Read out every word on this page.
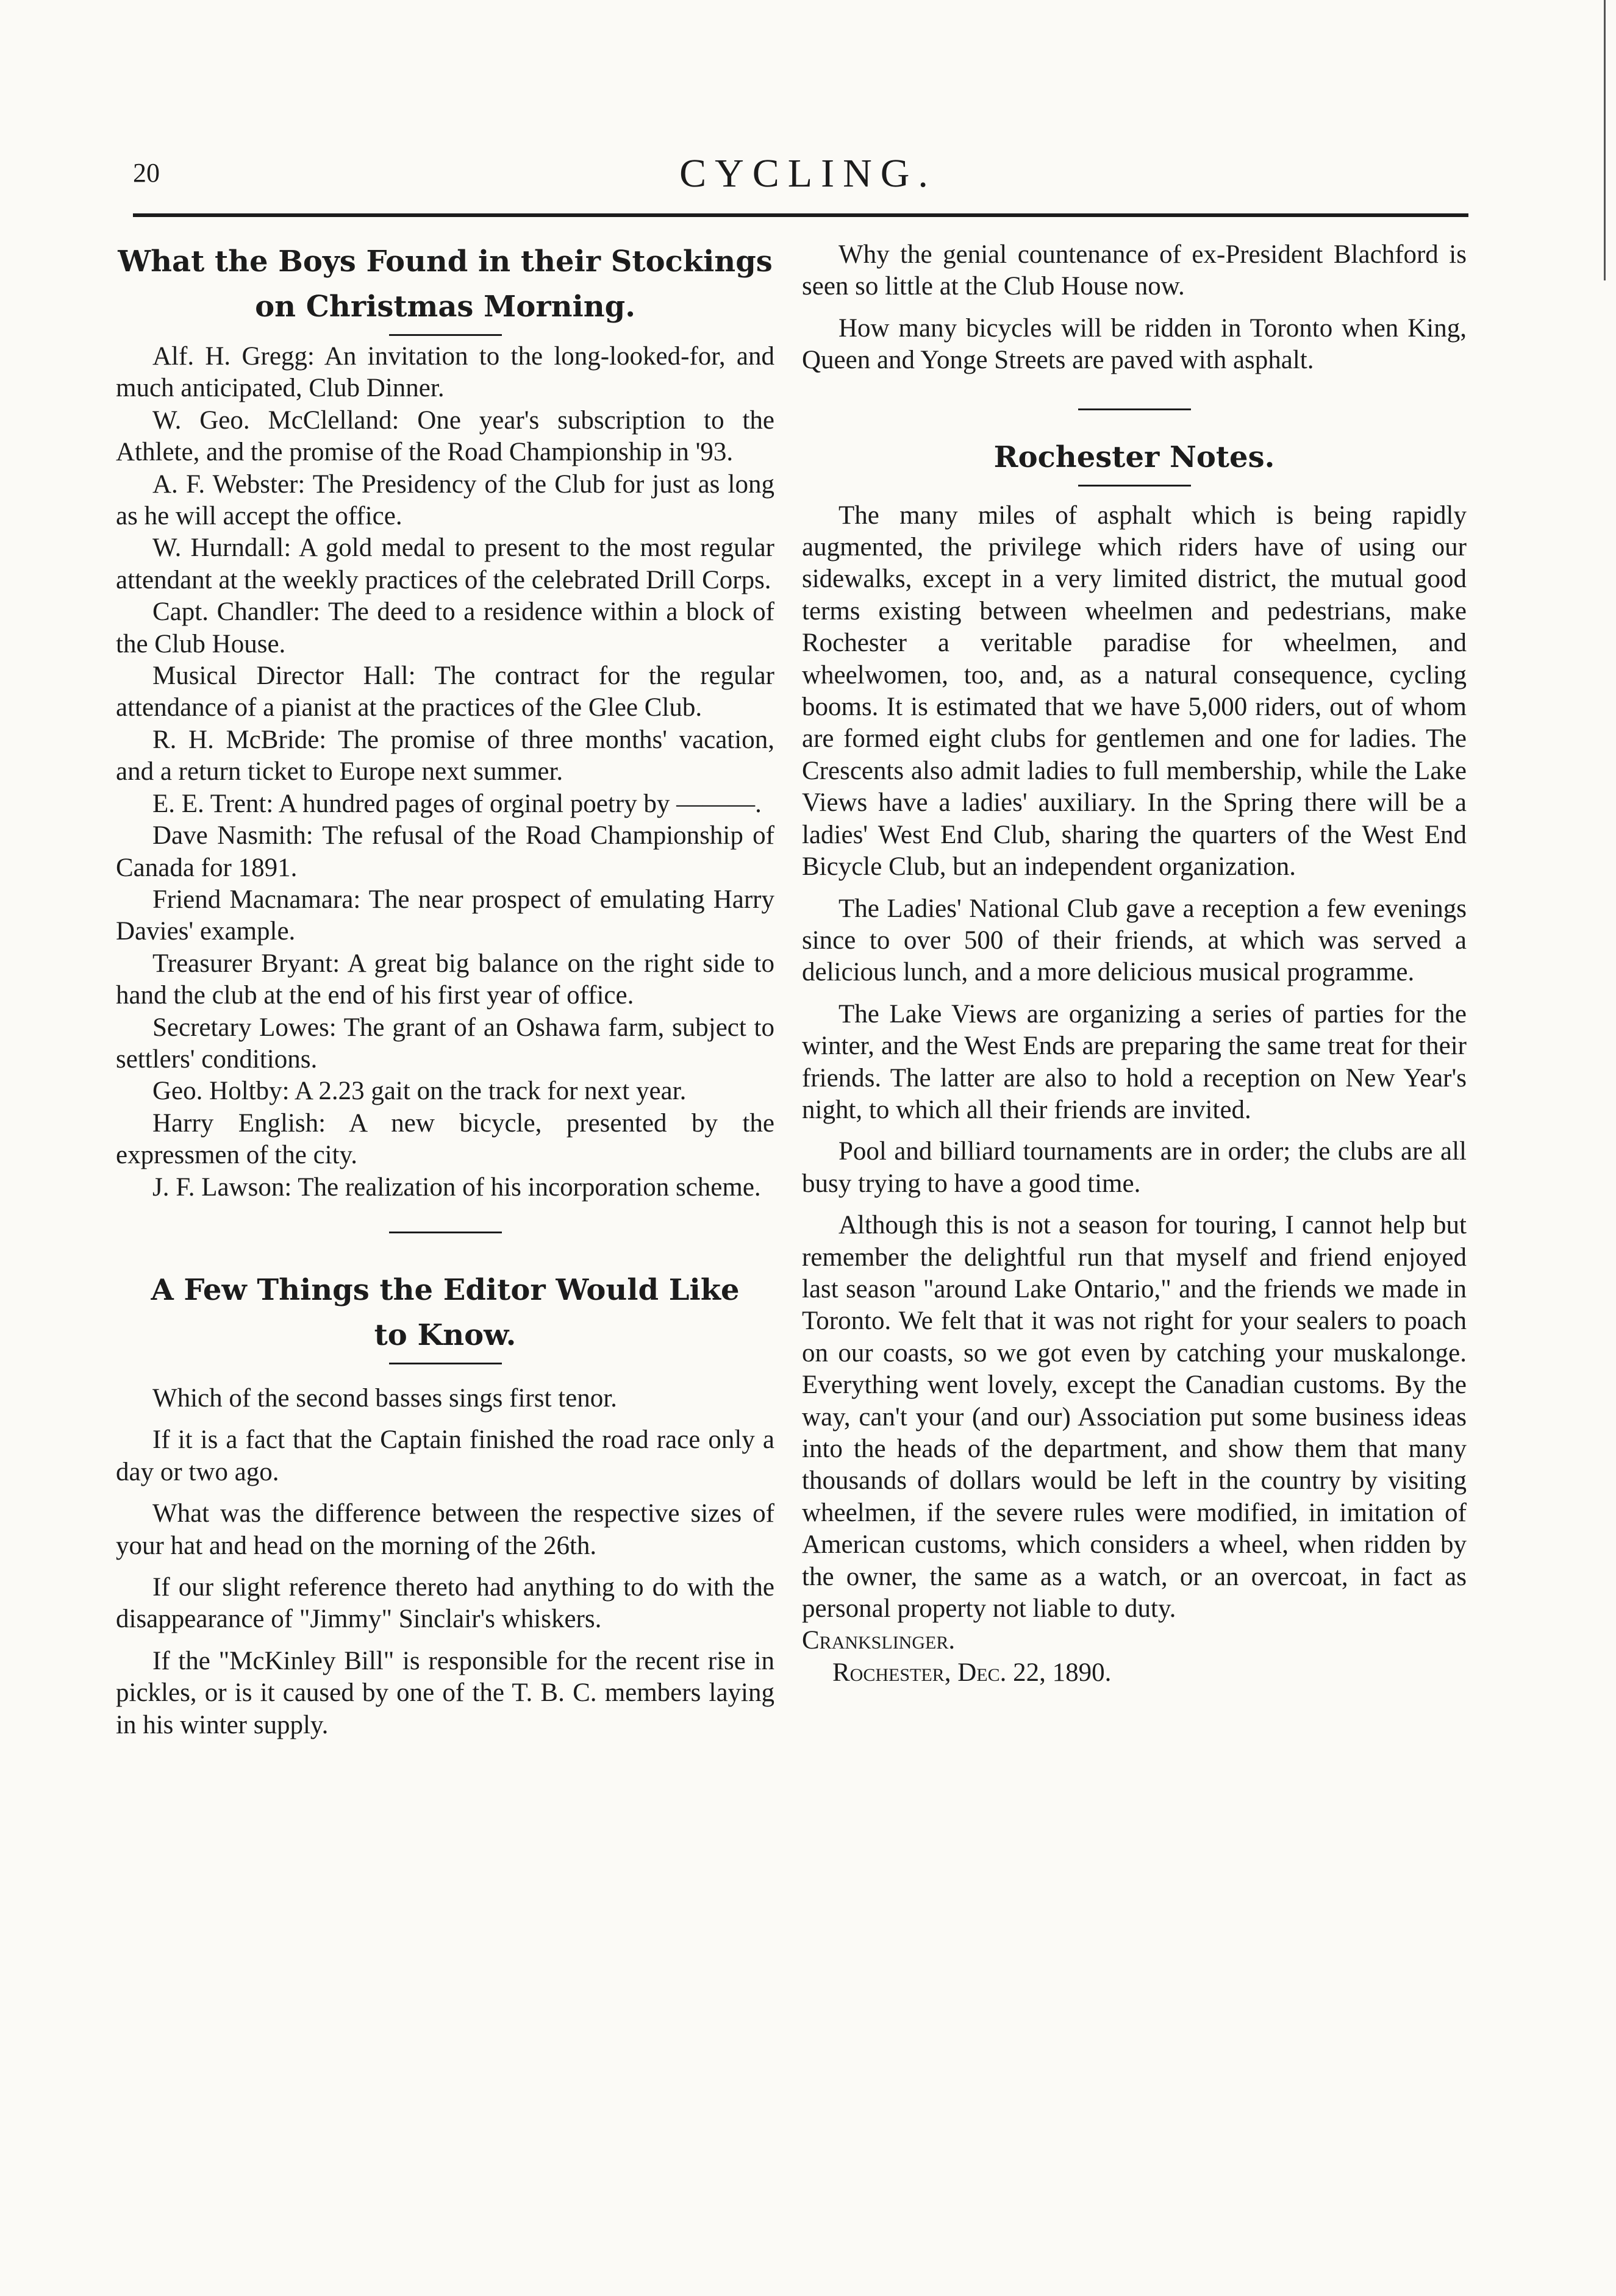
20	CYCLING.
What the Boys Found in their Stockings
on Christmas Morning.

Alf. H. Gregg: An invitation to the long-looked-for, and much anticipated, Club Dinner.

W. Geo. McClelland: One year's subscription to the Athlete, and the promise of the Road Championship in '93.

A. F. Webster: The Presidency of the Club for just as long as he will accept the office.

W. Hurndall: A gold medal to present to the most regular attendant at the weekly practices of the celebrated Drill Corps.

Capt. Chandler: The deed to a residence within a block of the Club House.

Musical Director Hall: The contract for the regular attendance of a pianist at the practices of the Glee Club.

R. H. McBride: The promise of three months' vacation, and a return ticket to Europe next summer.

E. E. Trent: A hundred pages of orginal poetry by ———.

Dave Nasmith: The refusal of the Road Championship of Canada for 1891.

Friend Macnamara: The near prospect of emulating Harry Davies' example.

Treasurer Bryant: A great big balance on the right side to hand the club at the end of his first year of office.

Secretary Lowes: The grant of an Oshawa farm, subject to settlers' conditions.

Geo. Holtby: A 2.23 gait on the track for next year.

Harry English: A new bicycle, presented by the expressmen of the city.

J. F. Lawson: The realization of his incorporation scheme.

A Few Things the Editor Would Like
to Know.

Which of the second basses sings first tenor.

If it is a fact that the Captain finished the road race only a day or two ago.

What was the difference between the respective sizes of your hat and head on the morning of the 26th.

If our slight reference thereto had anything to do with the disappearance of "Jimmy" Sinclair's whiskers.

If the "McKinley Bill" is responsible for the recent rise in pickles, or is it caused by one of the T. B. C. members laying in his winter supply.

Why the genial countenance of ex-President Blachford is seen so little at the Club House now.

How many bicycles will be ridden in Toronto when King, Queen and Yonge Streets are paved with asphalt.

Rochester Notes.

The many miles of asphalt which is being rapidly augmented, the privilege which riders have of using our sidewalks, except in a very limited district, the mutual good terms existing between wheelmen and pedestrians, make Rochester a veritable paradise for wheelmen, and wheelwomen, too, and, as a natural consequence, cycling booms. It is estimated that we have 5,000 riders, out of whom are formed eight clubs for gentlemen and one for ladies. The Crescents also admit ladies to full membership, while the Lake Views have a ladies' auxiliary. In the Spring there will be a ladies' West End Club, sharing the quarters of the West End Bicycle Club, but an independent organization.

The Ladies' National Club gave a reception a few evenings since to over 500 of their friends, at which was served a delicious lunch, and a more delicious musical programme.

The Lake Views are organizing a series of parties for the winter, and the West Ends are preparing the same treat for their friends. The latter are also to hold a reception on New Year's night, to which all their friends are invited.

Pool and billiard tournaments are in order; the clubs are all busy trying to have a good time.

Although this is not a season for touring, I cannot help but remember the delightful run that myself and friend enjoyed last season "around Lake Ontario," and the friends we made in Toronto. We felt that it was not right for your sealers to poach on our coasts, so we got even by catching your muskalonge. Everything went lovely, except the Canadian customs. By the way, can't your (and our) Association put some business ideas into the heads of the department, and show them that many thousands of dollars would be left in the country by visiting wheelmen, if the severe rules were modified, in imitation of American customs, which considers a wheel, when ridden by the owner, the same as a watch, or an overcoat, in fact as personal property not liable to duty.

Crankslinger.

Rochester, Dec. 22, 1890.
